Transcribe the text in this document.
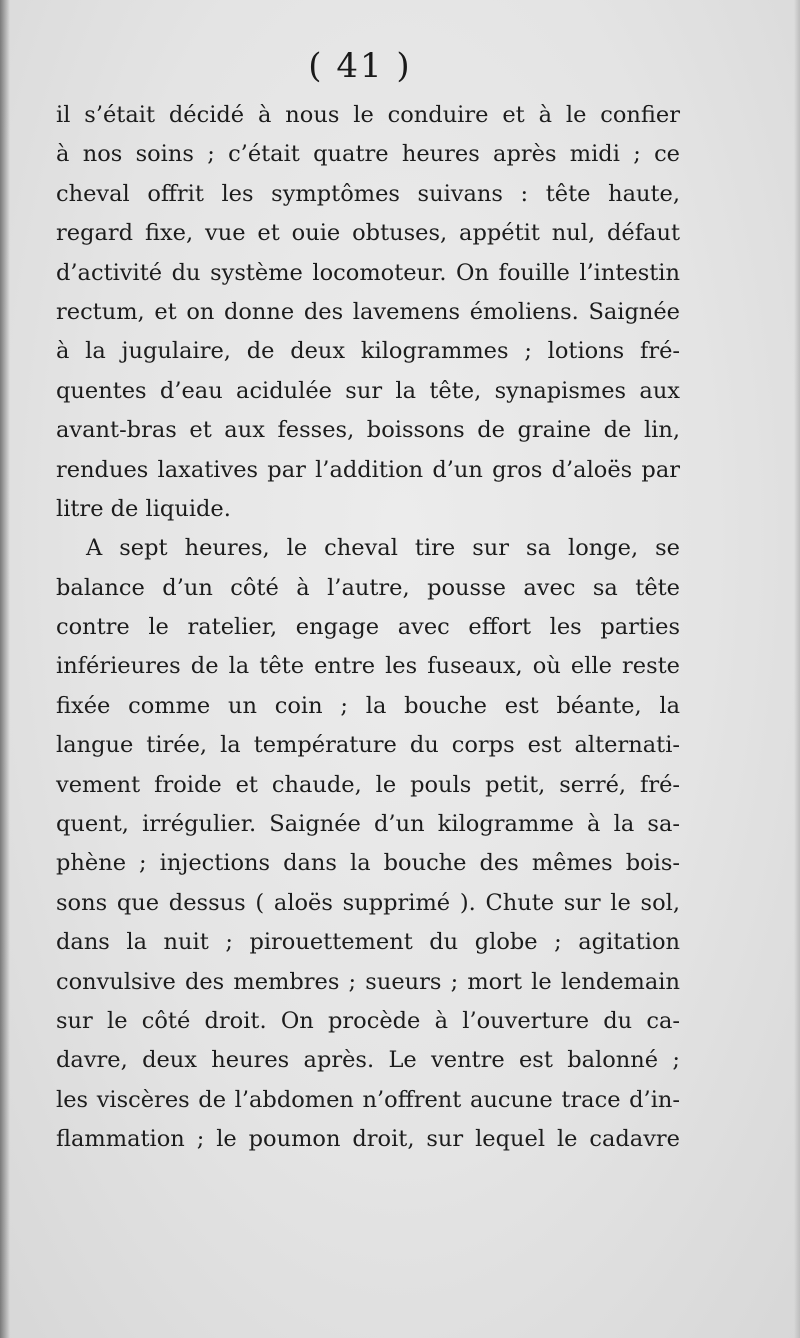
( 41 )
il s’était décidé à nous le conduire et à le confier
à nos soins ; c’était quatre heures après midi ; ce
cheval offrit les symptômes suivans : tête haute,
regard fixe, vue et ouie obtuses, appétit nul, défaut
d’activité du système locomoteur. On fouille l’intestin
rectum, et on donne des lavemens émoliens. Saignée
à la jugulaire, de deux kilogrammes ; lotions fré-
quentes d’eau acidulée sur la tête, synapismes aux
avant-bras et aux fesses, boissons de graine de lin,
rendues laxatives par l’addition d’un gros d’aloës par
litre de liquide.
A sept heures, le cheval tire sur sa longe, se
balance d’un côté à l’autre, pousse avec sa tête
contre le ratelier, engage avec effort les parties
inférieures de la tête entre les fuseaux, où elle reste
fixée comme un coin ; la bouche est béante, la
langue tirée, la température du corps est alternati-
vement froide et chaude, le pouls petit, serré, fré-
quent, irrégulier. Saignée d’un kilogramme à la sa-
phène ; injections dans la bouche des mêmes bois-
sons que dessus ( aloës supprimé ). Chute sur le sol,
dans la nuit ; pirouettement du globe ; agitation
convulsive des membres ; sueurs ; mort le lendemain
sur le côté droit. On procède à l’ouverture du ca-
davre, deux heures après. Le ventre est balonné ;
les viscères de l’abdomen n’offrent aucune trace d’in-
flammation ; le poumon droit, sur lequel le cadavre
